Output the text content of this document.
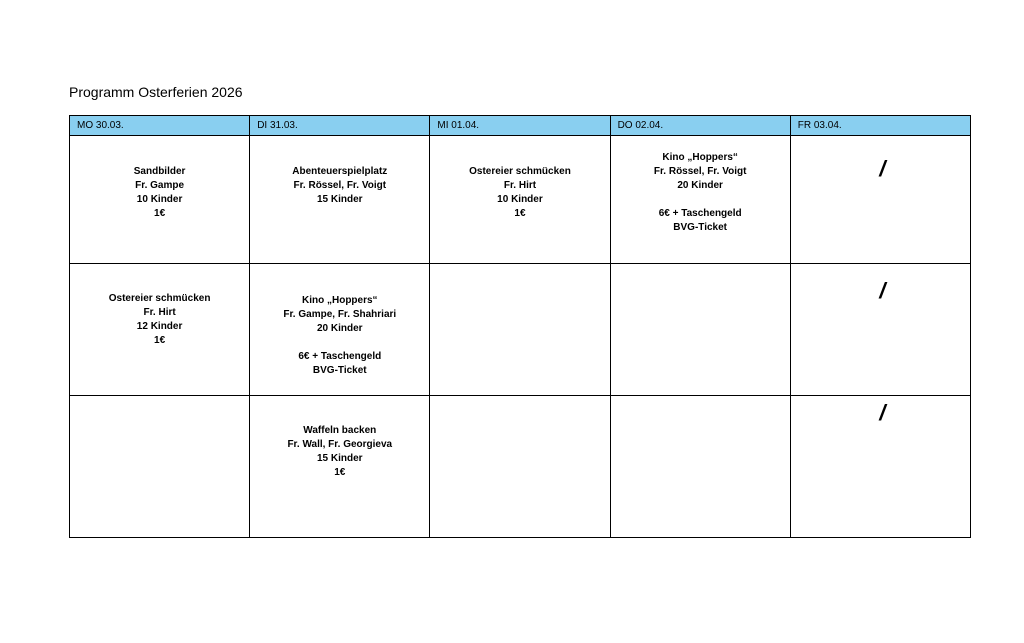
Programm Osterferien 2026
MO 30.03.	DI 31.03.	MI 01.04.	DO 02.04.	FR 03.04.

Sandbilder
Fr. Gampe
10 Kinder
1€	Abenteuerspielplatz
Fr. Rössel, Fr. Voigt
15 Kinder	Ostereier schmücken
Fr. Hirt
10 Kinder
1€	Kino „Hoppers“
Fr. Rössel, Fr. Voigt
20 Kinder

6€ + Taschengeld
BVG-Ticket	/

Ostereier schmücken
Fr. Hirt
12 Kinder
1€	Kino „Hoppers“
Fr. Gampe, Fr. Shahriari
20 Kinder

6€ + Taschengeld
BVG-Ticket			/

	Waffeln backen
Fr. Wall, Fr. Georgieva
15 Kinder
1€			/
